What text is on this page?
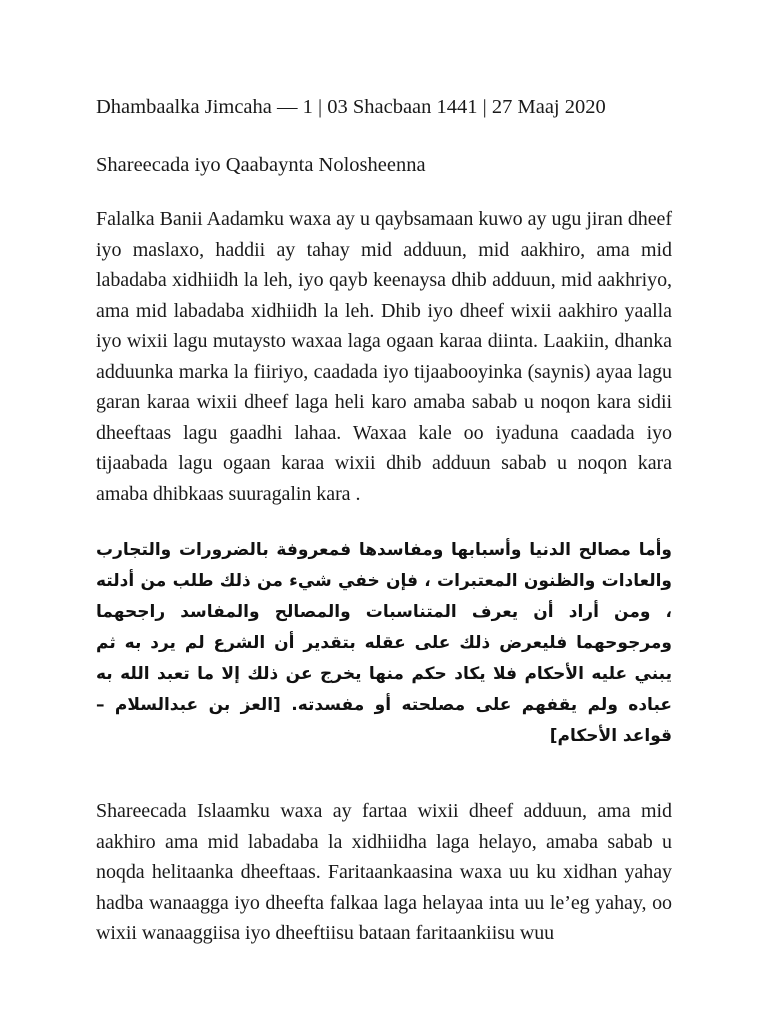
Dhambaalka Jimcaha — 1 | 03 Shacbaan 1441 | 27 Maaj 2020

Shareecada iyo Qaabaynta Nolosheenna

Falalka Banii Aadamku waxa ay u qaybsamaan kuwo ay ugu jiran dheef iyo maslaxo, haddii ay tahay mid adduun, mid aakhiro, ama mid labadaba xidhiidh la leh, iyo qayb keenaysa dhib adduun, mid aakhriyo, ama mid labadaba xidhiidh la leh. Dhib iyo dheef wixii aakhiro yaalla iyo wixii lagu mutaysto waxaa laga ogaan karaa diinta. Laakiin, dhanka adduunka marka la fiiriyo, caadada iyo tijaabooyinka (saynis) ayaa lagu garan karaa wixii dheef laga heli karo amaba sabab u noqon kara sidii dheeftaas lagu gaadhi lahaa. Waxaa kale oo iyaduna caadada iyo tijaabada lagu ogaan karaa wixii dhib adduun sabab u noqon kara amaba dhibkaas suuragalin kara .

وأما مصالح الدنيا وأسبابها ومفاسدها فمعروفة بالضرورات والتجارب والعادات والظنون المعتبرات ، فإن خفي شيء من ذلك طلب من أدلته ، ومن أراد أن يعرف المتناسبات والمصالح والمفاسد راجحهما ومرجوحهما فليعرض ذلك على عقله بتقدير أن الشرع لم يرد به ثم يبني عليه الأحكام فلا يكاد حكم منها يخرج عن ذلك إلا ما تعبد الله به عباده ولم يقفهم على مصلحته أو مفسدته. [العز بن عبدالسلام – قواعد الأحكام]

Shareecada Islaamku waxa ay fartaa wixii dheef adduun, ama mid aakhiro ama mid labadaba la xidhiidha laga helayo, amaba sabab u noqda helitaanka dheeftaas. Faritaankaasina waxa uu ku xidhan yahay hadba wanaagga iyo dheefta falkaa laga helayaa inta uu le’eg yahay, oo wixii wanaaggiisa iyo dheeftiisu bataan faritaankiisu wuu
